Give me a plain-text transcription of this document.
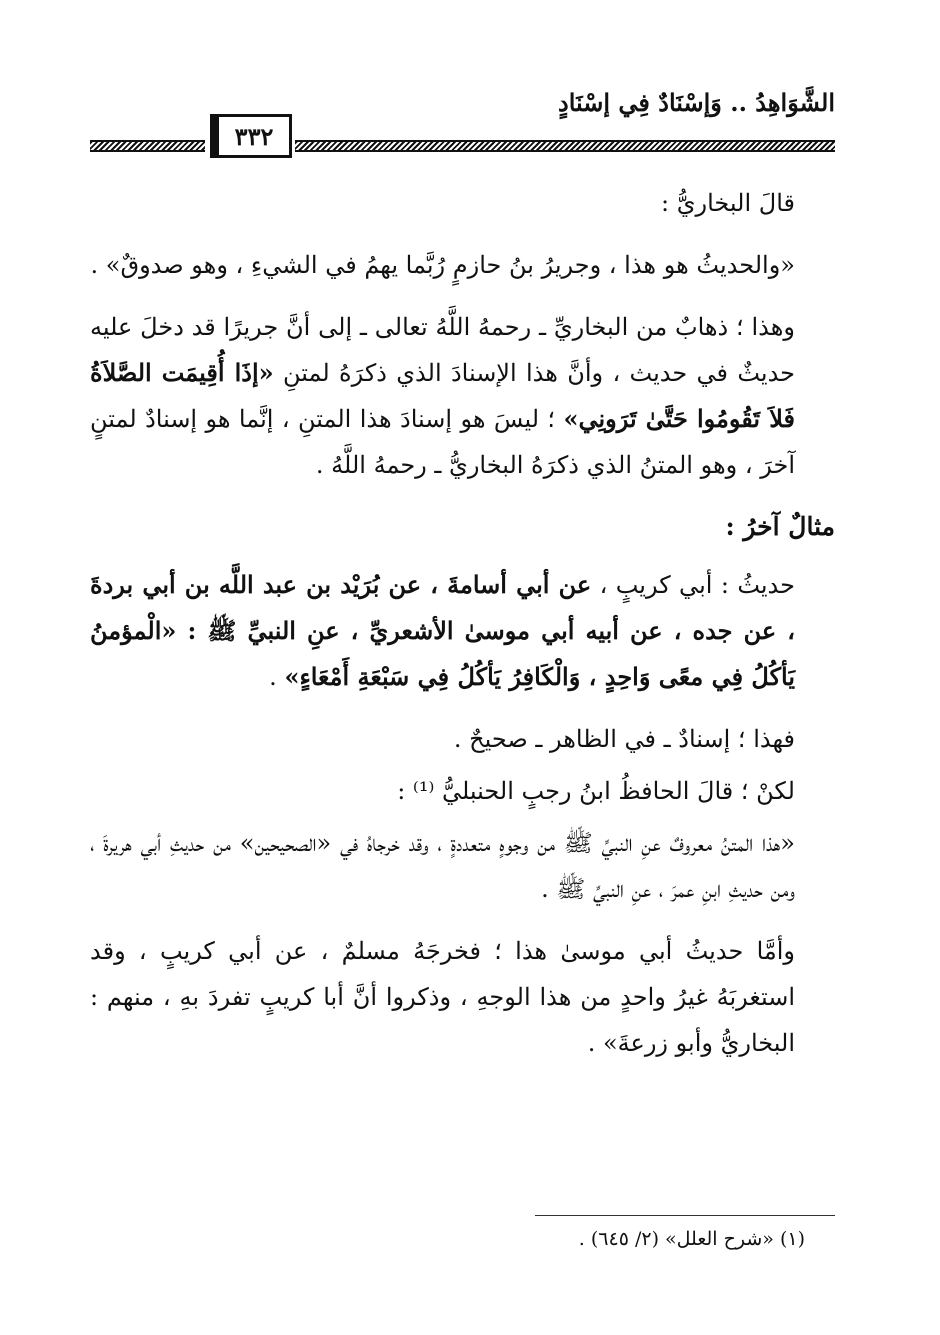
الشَّوَاهِدُ .. وَإسْنَادٌ فِي إسْنَادٍ
٣٣٢

قالَ البخاريُّ :

«والحديثُ هو هذا ، وجريرُ بنُ حازمٍ رُبَّما يهمُ في الشيءِ ، وهو صدوقٌ» .

وهذا ؛ ذهابٌ من البخاريِّ ـ رحمهُ اللَّهُ تعالى ـ إلى أنَّ جريرًا قد دخلَ عليه حديثٌ في حديث ، وأنَّ هذا الإسنادَ الذي ذكرَهُ لمتنِ «إذَا أُقِيمَت الصَّلاَةُ فَلاَ تَقُومُوا حَتَّىٰ تَرَونِي» ؛ ليسَ هو إسنادَ هذا المتنِ ، إنَّما هو إسنادٌ لمتنٍ آخرَ ، وهو المتنُ الذي ذكرَهُ البخاريُّ ـ رحمهُ اللَّهُ .

مثالٌ آخرُ :

حديثُ : أبي كريبٍ ، عن أبي أسامةَ ، عن بُرَيْد بن عبد اللَّه بن أبي بردةَ ، عن جده ، عن أبيه أبي موسىٰ الأشعريِّ ، عنِ النبيِّ ﷺ : «الْمؤمنُ يَأكُلُ فِي معًى وَاحِدٍ ، وَالْكَافِرُ يَأكُلُ فِي سَبْعَةِ أَمْعَاءٍ» .

فهذا ؛ إسنادٌ ـ في الظاهر ـ صحيحٌ .

لكنْ ؛ قالَ الحافظُ ابنُ رجبٍ الحنبليُّ ⁽¹⁾ :

«هذا المتنُ معروفٌ عنِ النبيِّ ﷺ من وجوهٍ متعددةٍ ، وقد خرجاهُ في «الصحيحين» من حديثِ أبي هريرةَ ، ومن حديثِ ابنِ عمرَ ، عنِ النبيِّ ﷺ .

وأمَّا حديثُ أبي موسىٰ هذا ؛ فخرجَهُ مسلمٌ ، عن أبي كريبٍ ، وقد استغربَهُ غيرُ واحدٍ من هذا الوجهِ ، وذكروا أنَّ أبا كريبٍ تفردَ بهِ ، منهم : البخاريُّ وأبو زرعةَ» .

(١) «شرح العلل» (٢/ ٦٤٥) .
